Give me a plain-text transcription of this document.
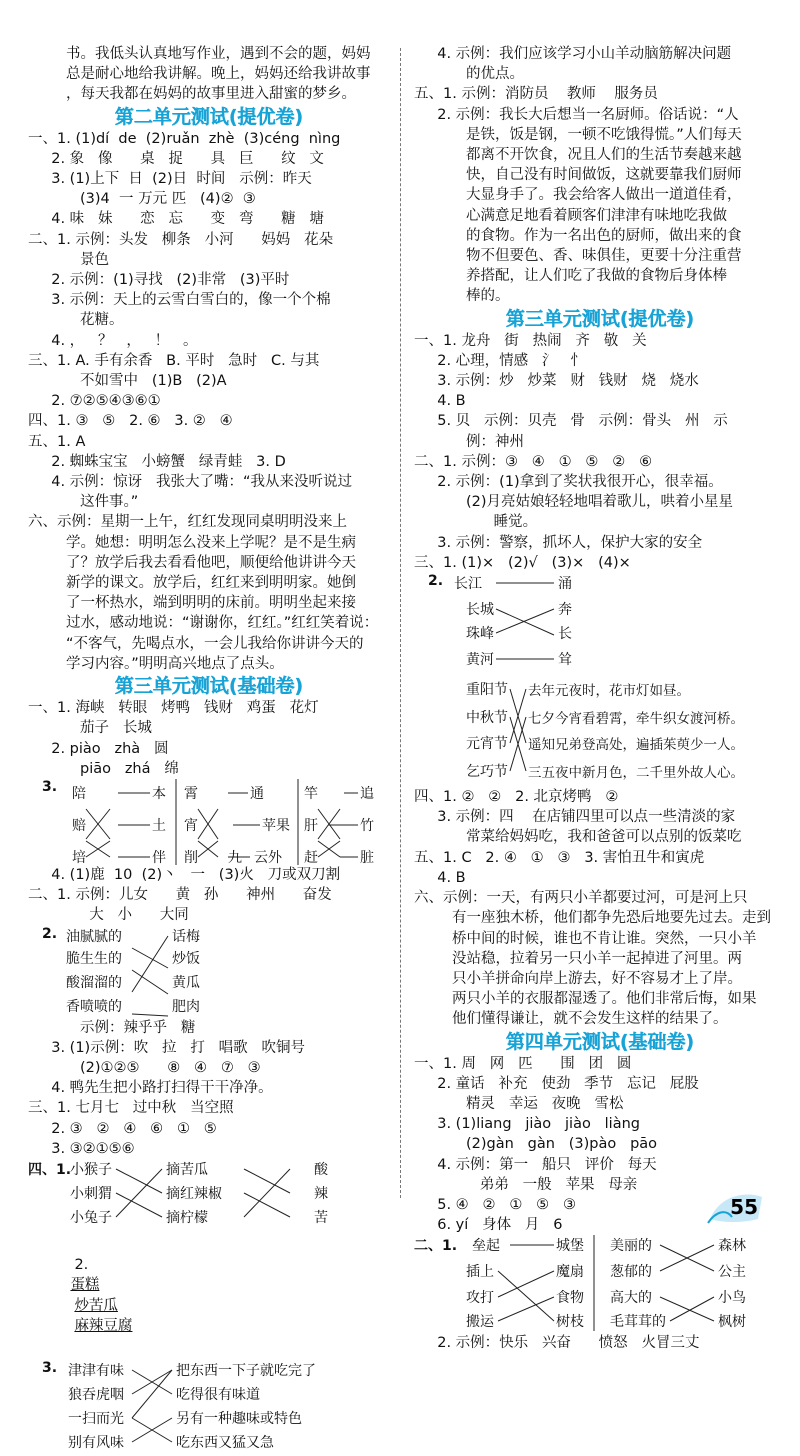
书。我低头认真地写作业，遇到不会的题，妈妈
总是耐心地给我讲解。晚上，妈妈还给我讲故事
，每天我都在妈妈的故事里进入甜蜜的梦乡。
第二单元测试(提优卷)
一、1. (1)dí  de  (2)ruǎn  zhè  (3)céng  nìng
2. 象   像      桌   捉      具   巨      纹   文
3. (1)上下  日  (2)日  时间   示例：昨天
(3)4  一 万元 匹   (4)②  ③
4. 味   妹      恋   忘      变   弯      糖   塘
二、1. 示例：头发   柳条   小河      妈妈   花朵
景色
2. 示例：(1)寻找   (2)非常   (3)平时
3. 示例：天上的云雪白雪白的，像一个个棉
花糖。
4. ，   ？   ，   ！   。
三、1. A. 手有余香   B. 平时   急时   C. 与其
不如雪中   (1)B   (2)A
2. ⑦②⑤④③⑥①
四、1. ③   ⑤   2. ⑥   3. ②   ④
五、1. A
2. 蜘蛛宝宝   小螃蟹   绿青蛙   3. D
4. 示例：惊讶   我张大了嘴：“我从来没听说过
这件事。”
六、示例：星期一上午，红红发现同桌明明没来上
学。她想：明明怎么没来上学呢？是不是生病
了？放学后我去看看他吧，顺便给他讲讲今天
新学的课文。放学后，红红来到明明家。她倒
了一杯热水，端到明明的床前。明明坐起来接
过水，感动地说：“谢谢你，红红。”红红笑着说：
“不客气，先喝点水，一会儿我给你讲讲今天的
学习内容。”明明高兴地点了点头。
第三单元测试(基础卷)
一、1. 海峡   转眼   烤鸭   钱财   鸡蛋   花灯
茄子   长城
2. piào   zhà   圆
piāo   zhá   绵
3. 陪
赔
培
本
土
伴
霄
宵
削
通
苹果
九 云外
竿
肝
赶
追
竹
脏
4. (1)鹿  10  (2)丶   一   (3)火   刀或双刀割
二、1. 示例：儿女      黄   孙      神州      奋发
大   小      大同
2. 油腻腻的
脆生生的
酸溜溜的
香喷喷的
话梅
炒饭
黄瓜
肥肉
示例：辣乎乎   糖
3. (1)示例：吹   拉   打   唱歌   吹铜号
(2)①②⑤      ⑧   ④   ⑦   ③
4. 鸭先生把小路打扫得干干净净。
三、1. 七月七   过中秋   当空照
2. ③   ②   ④   ⑥   ①   ⑤
3. ③②①⑤⑥
四、1.
小猴子
小刺猬
小兔子
摘苦瓜
摘红辣椒
摘柠檬
酸
辣
苦

2.
蛋糕
炒苦瓜
麻辣豆腐

3. 津津有味
狼吞虎咽
一扫而光
别有风味
把东西一下子就吃完了
吃得很有味道
另有一种趣味或特色
吃东西又猛又急
4. 示例：我们应该学习小山羊动脑筋解决问题
的优点。
五、1. 示例：消防员    教师    服务员
2. 示例：我长大后想当一名厨师。俗话说：“人
是铁，饭是钢，一顿不吃饿得慌。”人们每天
都离不开饮食，况且人们的生活节奏越来越
快，自己没有时间做饭，这就要靠我们厨师
大显身手了。我会给客人做出一道道佳肴，
心满意足地看着顾客们津津有味地吃我做
的食物。作为一名出色的厨师，做出来的食
物不但要色、香、味俱佳，更要十分注重营
养搭配，让人们吃了我做的食物后身体棒
棒的。
第三单元测试(提优卷)
一、1. 龙舟   街   热闹   齐   敬   关
2. 心理，情感   氵   忄
3. 示例：炒   炒菜   财   钱财   烧   烧水
4. B
5. 贝   示例：贝壳   骨   示例：骨头   州   示
例：神州
二、1. 示例：③   ④   ①   ⑤   ②   ⑥
2. 示例：(1)拿到了奖状我很开心，很幸福。
(2)月亮姑娘轻轻地唱着歌儿，哄着小星星
睡觉。
3. 示例：警察，抓坏人，保护大家的安全
三、1. (1)×   (2)√   (3)×   (4)×
2. 长江
长城
珠峰
黄河
涌
奔
长
耸
重阳节
中秋节
元宵节
乞巧节
去年元夜时，花市灯如昼。
七夕今宵看碧霄，牵牛织女渡河桥。
遥知兄弟登高处，遍插茱萸少一人。
三五夜中新月色，二千里外故人心。
四、1. ②   ②   2. 北京烤鸭   ②
3. 示例：四    在店铺四里可以点一些清淡的家
常菜给妈妈吃，我和爸爸可以点别的饭菜吃
五、1. C   2. ④   ①   ③   3. 害怕丑牛和寅虎
4. B
六、示例：一天，有两只小羊都要过河，可是河上只
有一座独木桥，他们都争先恐后地要先过去。走到
桥中间的时候，谁也不肯让谁。突然，一只小羊
没站稳，拉着另一只小羊一起掉进了河里。两
只小羊拼命向岸上游去，好不容易才上了岸。
两只小羊的衣服都湿透了。他们非常后悔，如果
他们懂得谦让，就不会发生这样的结果了。
第四单元测试(基础卷)
一、1. 周   网   匹      围   团   圆
2. 童话   补充   使劲   季节   忘记   屁股
精灵   幸运   夜晚   雪松
3. (1)liang   jiào   jiào   liàng
(2)gàn   gàn   (3)pào   pāo
4. 示例：第一   船只   评价   每天
弟弟   一般   苹果   母亲
5. ④   ②   ①   ⑤   ③
6. yí   身体   月   6
二、1. 垒起
插上
攻打
搬运
城堡
魔扇
食物
树枝
美丽的
葱郁的
高大的
毛茸茸的
森林
公主
小鸟
枫树
2. 示例：快乐   兴奋      愤怒   火冒三丈
55
